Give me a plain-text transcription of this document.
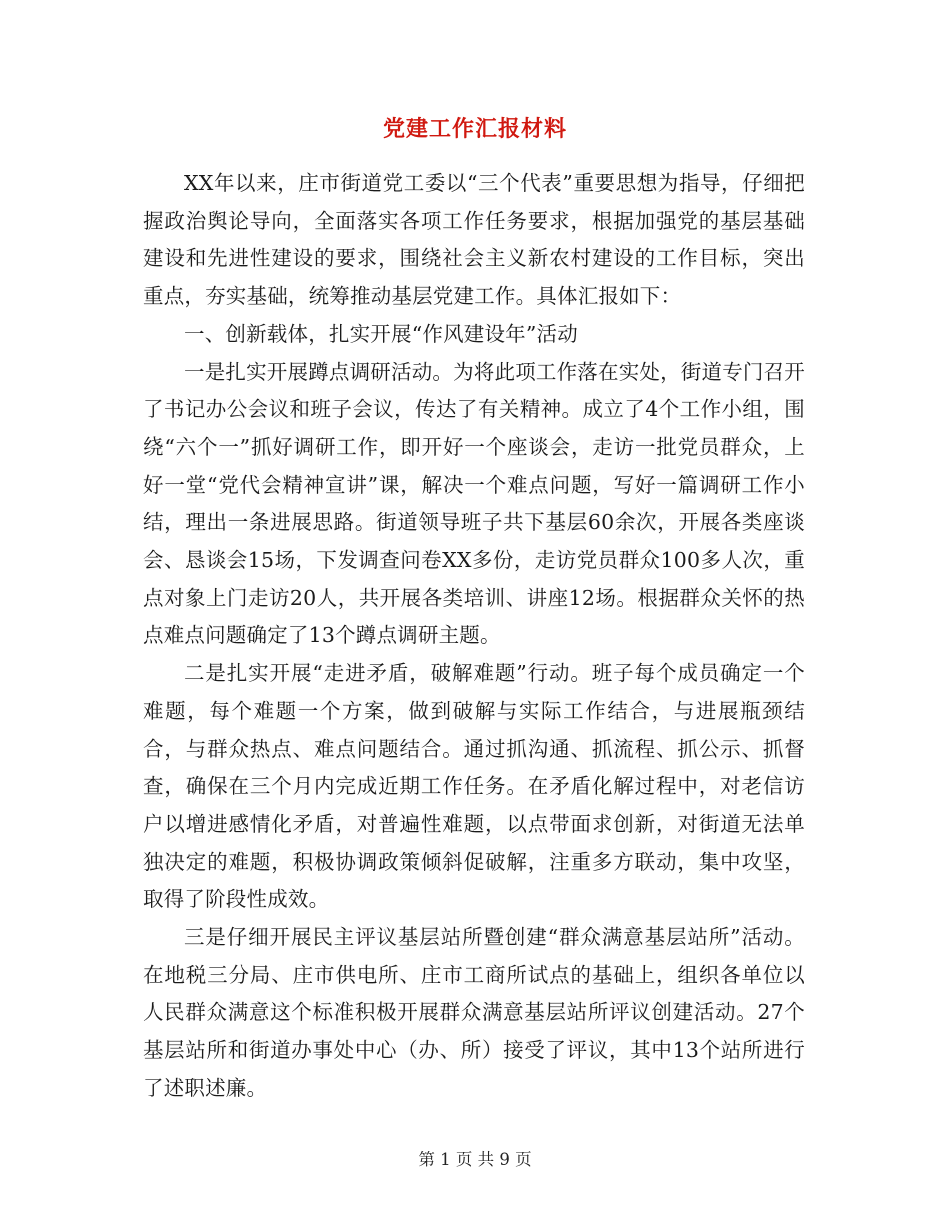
党建工作汇报材料

XX年以来，庄市街道党工委以“三个代表”重要思想为指导，仔细把握政治舆论导向，全面落实各项工作任务要求，根据加强党的基层基础建设和先进性建设的要求，围绕社会主义新农村建设的工作目标，突出重点，夯实基础，统筹推动基层党建工作。具体汇报如下：

一、创新载体，扎实开展“作风建设年”活动

一是扎实开展蹲点调研活动。为将此项工作落在实处，街道专门召开了书记办公会议和班子会议，传达了有关精神。成立了4个工作小组，围绕“六个一”抓好调研工作，即开好一个座谈会，走访一批党员群众，上好一堂“党代会精神宣讲”课，解决一个难点问题，写好一篇调研工作小结，理出一条进展思路。街道领导班子共下基层60余次，开展各类座谈会、恳谈会15场，下发调查问卷XX多份，走访党员群众100多人次，重点对象上门走访20人，共开展各类培训、讲座12场。根据群众关怀的热点难点问题确定了13个蹲点调研主题。

二是扎实开展“走进矛盾，破解难题”行动。班子每个成员确定一个难题，每个难题一个方案，做到破解与实际工作结合，与进展瓶颈结合，与群众热点、难点问题结合。通过抓沟通、抓流程、抓公示、抓督查，确保在三个月内完成近期工作任务。在矛盾化解过程中，对老信访户以增进感情化矛盾，对普遍性难题，以点带面求创新，对街道无法单独决定的难题，积极协调政策倾斜促破解，注重多方联动，集中攻坚，取得了阶段性成效。

三是仔细开展民主评议基层站所暨创建“群众满意基层站所”活动。在地税三分局、庄市供电所、庄市工商所试点的基础上，组织各单位以人民群众满意这个标准积极开展群众满意基层站所评议创建活动。27个基层站所和街道办事处中心（办、所）接受了评议，其中13个站所进行了述职述廉。

第 1 页 共 9 页
